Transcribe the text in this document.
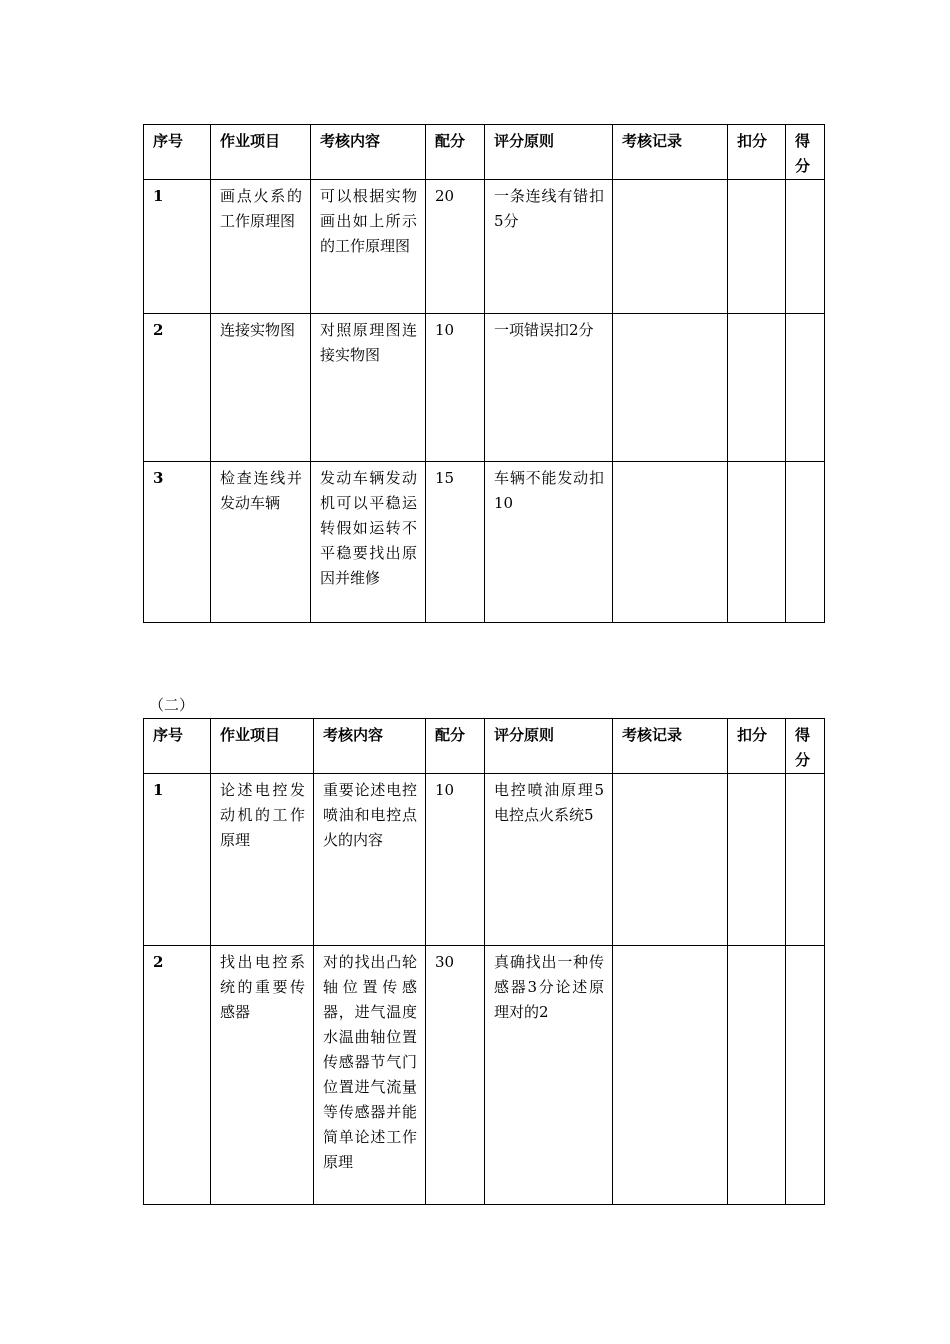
序号	作业项目	考核内容	配分	评分原则	考核记录	扣分	得分
1	画点火系的工作原理图	可以根据实物画出如上所示的工作原理图	20	一条连线有错扣5分			
2	连接实物图	对照原理图连接实物图	10	一项错误扣2分			
3	检查连线并发动车辆	发动车辆发动机可以平稳运转假如运转不平稳要找出原因并维修	15	车辆不能发动扣10			
（二）
序号	作业项目	考核内容	配分	评分原则	考核记录	扣分	得分
1	论述电控发动机的工作原理	重要论述电控喷油和电控点火的内容	10	电控喷油原理5电控点火系统5			
2	找出电控系统的重要传感器	对的找出凸轮轴位置传感器，进气温度水温曲轴位置传感器节气门位置进气流量等传感器并能简单论述工作原理	30	真确找出一种传感器3分论述原理对的2			
